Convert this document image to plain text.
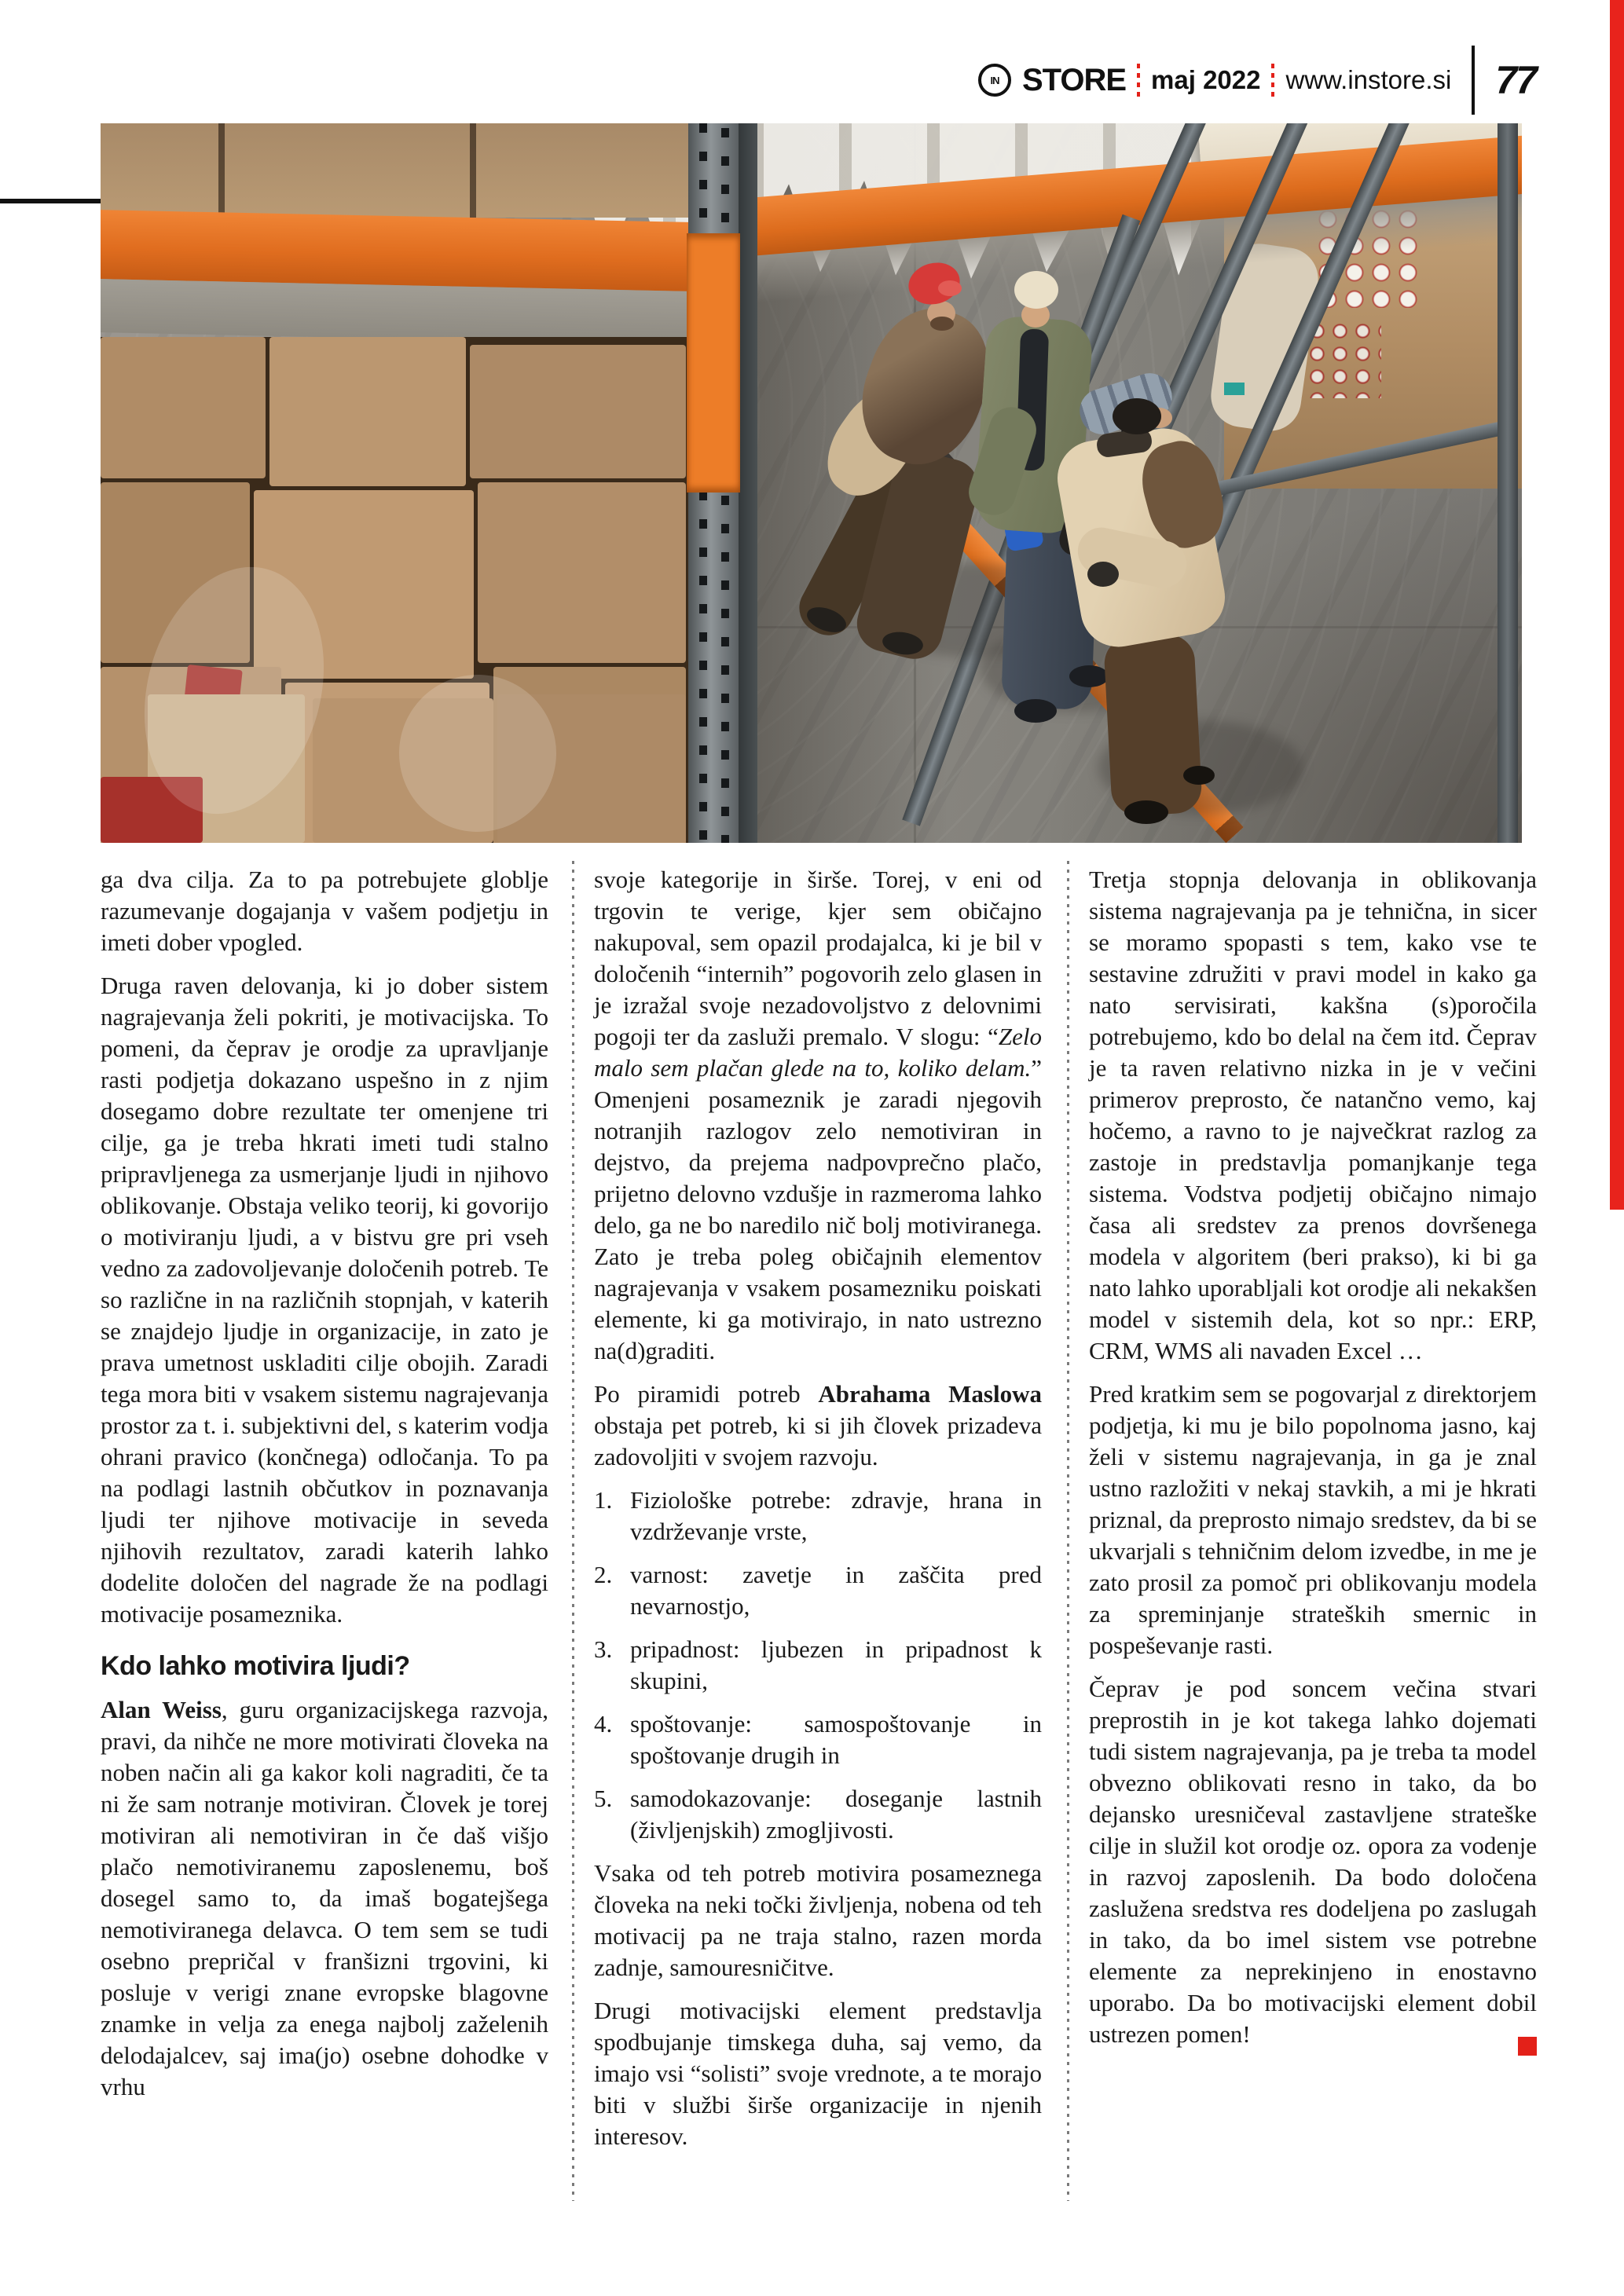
IN STORE maj 2022 www.instore.si 77

ga dva cilja. Za to pa potrebujete globlje razumevanje dogajanja v vašem podjetju in imeti dober vpogled.

Druga raven delovanja, ki jo dober sistem nagrajevanja želi pokriti, je motivacijska. To pomeni, da čeprav je orodje za upravljanje rasti podjetja dokazano uspešno in z njim dosegamo dobre rezultate ter omenjene tri cilje, ga je treba hkrati imeti tudi stalno pripravljenega za usmerjanje ljudi in njihovo oblikovanje. Obstaja veliko teorij, ki govorijo o motiviranju ljudi, a v bistvu gre pri vseh vedno za zadovoljevanje določenih potreb. Te so različne in na različnih stopnjah, v katerih se znajdejo ljudje in organizacije, in zato je prava umetnost uskladiti cilje obojih. Zaradi tega mora biti v vsakem sistemu nagrajevanja prostor za t. i. subjektivni del, s katerim vodja ohrani pravico (končnega) odločanja. To pa na podlagi lastnih občutkov in poznavanja ljudi ter njihove motivacije in seveda njihovih rezultatov, zaradi katerih lahko dodelite določen del nagrade že na podlagi motivacije posameznika.

Kdo lahko motivira ljudi?

Alan Weiss, guru organizacijskega razvoja, pravi, da nihče ne more motivirati človeka na noben način ali ga kakor koli nagraditi, če ta ni že sam notranje motiviran. Človek je torej motiviran ali nemotiviran in če daš višjo plačo nemotiviranemu zaposlenemu, boš dosegel samo to, da imaš bogatejšega nemotiviranega delavca. O tem sem se tudi osebno prepričal v franšizni trgovini, ki posluje v verigi znane evropske blagovne znamke in velja za enega najbolj zaželenih delodajalcev, saj ima(jo) osebne dohodke v vrhu

svoje kategorije in širše. Torej, v eni od trgovin te verige, kjer sem običajno nakupoval, sem opazil prodajalca, ki je bil v določenih “internih” pogovorih zelo glasen in je izražal svoje nezadovoljstvo z delovnimi pogoji ter da zasluži premalo. V slogu: “Zelo malo sem plačan glede na to, koliko delam.” Omenjeni posameznik je zaradi njegovih notranjih razlogov zelo nemotiviran in dejstvo, da prejema nadpovprečno plačo, prijetno delovno vzdušje in razmeroma lahko delo, ga ne bo naredilo nič bolj motiviranega. Zato je treba poleg običajnih elementov nagrajevanja v vsakem posamezniku poiskati elemente, ki ga motivirajo, in nato ustrezno na(d)graditi.

Po piramidi potreb Abrahama Maslowa obstaja pet potreb, ki si jih človek prizadeva zadovoljiti v svojem razvoju.

1. Fiziološke potrebe: zdravje, hrana in vzdrževanje vrste,
2. varnost: zavetje in zaščita pred nevarnostjo,
3. pripadnost: ljubezen in pripadnost k skupini,
4. spoštovanje: samospoštovanje in spoštovanje drugih in
5. samodokazovanje: doseganje lastnih (življenjskih) zmogljivosti.

Vsaka od teh potreb motivira posameznega človeka na neki točki življenja, nobena od teh motivacij pa ne traja stalno, razen morda zadnje, samouresničitve.

Drugi motivacijski element predstavlja spodbujanje timskega duha, saj vemo, da imajo vsi “solisti” svoje vrednote, a te morajo biti v službi širše organizacije in njenih interesov.

Tretja stopnja delovanja in oblikovanja sistema nagrajevanja pa je tehnična, in sicer se moramo spopasti s tem, kako vse te sestavine združiti v pravi model in kako ga nato servisirati, kakšna (s)poročila potrebujemo, kdo bo delal na čem itd. Čeprav je ta raven relativno nizka in je v večini primerov preprosto, če natančno vemo, kaj hočemo, a ravno to je največkrat razlog za zastoje in predstavlja pomanjkanje tega sistema. Vodstva podjetij običajno nimajo časa ali sredstev za prenos dovršenega modela v algoritem (beri prakso), ki bi ga nato lahko uporabljali kot orodje ali nekakšen model v sistemih dela, kot so npr.: ERP, CRM, WMS ali navaden Excel …

Pred kratkim sem se pogovarjal z direktorjem podjetja, ki mu je bilo popolnoma jasno, kaj želi v sistemu nagrajevanja, in ga je znal ustno razložiti v nekaj stavkih, a mi je hkrati priznal, da preprosto nimajo sredstev, da bi se ukvarjali s tehničnim delom izvedbe, in me je zato prosil za pomoč pri oblikovanju modela za spreminjanje strateških smernic in pospeševanje rasti.

Čeprav je pod soncem večina stvari preprostih in je kot takega lahko dojemati tudi sistem nagrajevanja, pa je treba ta model obvezno oblikovati resno in tako, da bo dejansko uresničeval zastavljene strateške cilje in služil kot orodje oz. opora za vodenje in razvoj zaposlenih. Da bodo določena zaslužena sredstva res dodeljena po zaslugah in tako, da bo imel sistem vse potrebne elemente za neprekinjeno in enostavno uporabo. Da bo motivacijski element dobil ustrezen pomen!
